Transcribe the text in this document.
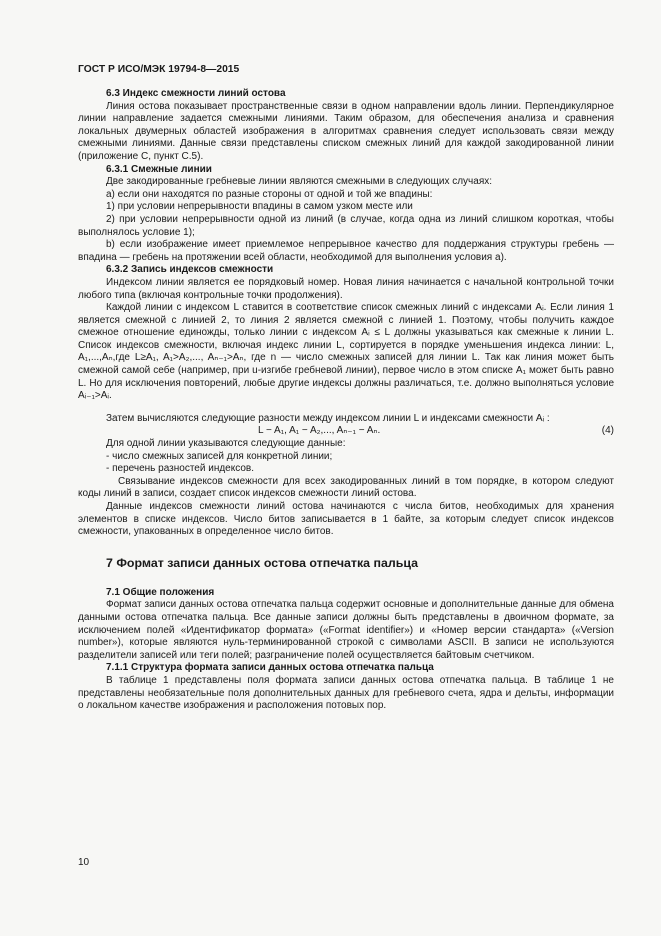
ГОСТ Р ИСО/МЭК 19794-8—2015

6.3 Индекс смежности линий остова

Линия остова показывает пространственные связи в одном направлении вдоль линии. Перпендикулярное линии направление задается смежными линиями. Таким образом, для обеспечения анализа и сравнения локальных двумерных областей изображения в алгоритмах сравнения следует использовать связи между смежными линиями. Данные связи представлены списком смежных линий для каждой закодированной линии (приложение С, пункт С.5).

6.3.1 Смежные линии

Две закодированные гребневые линии являются смежными в следующих случаях:

а) если они находятся по разные стороны от одной и той же впадины:

1) при условии непрерывности впадины в самом узком месте или

2) при условии непрерывности одной из линий (в случае, когда одна из линий слишком короткая, чтобы выполнялось условие 1);

b) если изображение имеет приемлемое непрерывное качество для поддержания структуры гребень — впадина — гребень на протяжении всей области, необходимой для выполнения условия а).

6.3.2 Запись индексов смежности

Индексом линии является ее порядковый номер. Новая линия начинается с начальной контрольной точки любого типа (включая контрольные точки продолжения).

Каждой линии с индексом L ставится в соответствие список смежных линий с индексами Aᵢ. Если линия 1 является смежной с линией 2, то линия 2 является смежной с линией 1. Поэтому, чтобы получить каждое смежное отношение единожды, только линии с индексом Aᵢ ≤ L должны указываться как смежные к линии L. Список индексов смежности, включая индекс линии L, сортируется в порядке уменьшения индекса линии: L, A₁,...,Aₙ,где L≥A₁, A₁>A₂,..., Aₙ₋₁>Aₙ, где n — число смежных записей для линии L. Так как линия может быть смежной самой себе (например, при u-изгибе гребневой линии), первое число в этом списке A₁ может быть равно L. Но для исключения повторений, любые другие индексы должны различаться, т.е. должно выполняться условие Aᵢ₋₁>Aᵢ.

Затем вычисляются следующие разности между индексом линии L и индексами смежности Aᵢ :

L − A₁, A₁ − A₂,..., Aₙ₋₁ − Aₙ.	(4)

Для одной линии указываются следующие данные:

- число смежных записей для конкретной линии;

- перечень разностей индексов.

Связывание индексов смежности для всех закодированных линий в том порядке, в котором следуют коды линий в записи, создает список индексов смежности линий остова.

Данные индексов смежности линий остова начинаются с числа битов, необходимых для хранения элементов в списке индексов. Число битов записывается в 1 байте, за которым следует список индексов смежности, упакованных в определенное число битов.

7 Формат записи данных остова отпечатка пальца

7.1 Общие положения

Формат записи данных остова отпечатка пальца содержит основные и дополнительные данные для обмена данными остова отпечатка пальца. Все данные записи должны быть представлены в двоичном формате, за исключением полей «Идентификатор формата» («Format identifier») и «Номер версии стандарта» («Version number»), которые являются нуль-терминированной строкой с символами ASCII. В записи не используются разделители записей или теги полей; разграничение полей осуществляется байтовым счетчиком.

7.1.1 Структура формата записи данных остова отпечатка пальца

В таблице 1 представлены поля формата записи данных остова отпечатка пальца. В таблице 1 не представлены необязательные поля дополнительных данных для гребневого счета, ядра и дельты, информации о локальном качестве изображения и расположения потовых пор.

10
